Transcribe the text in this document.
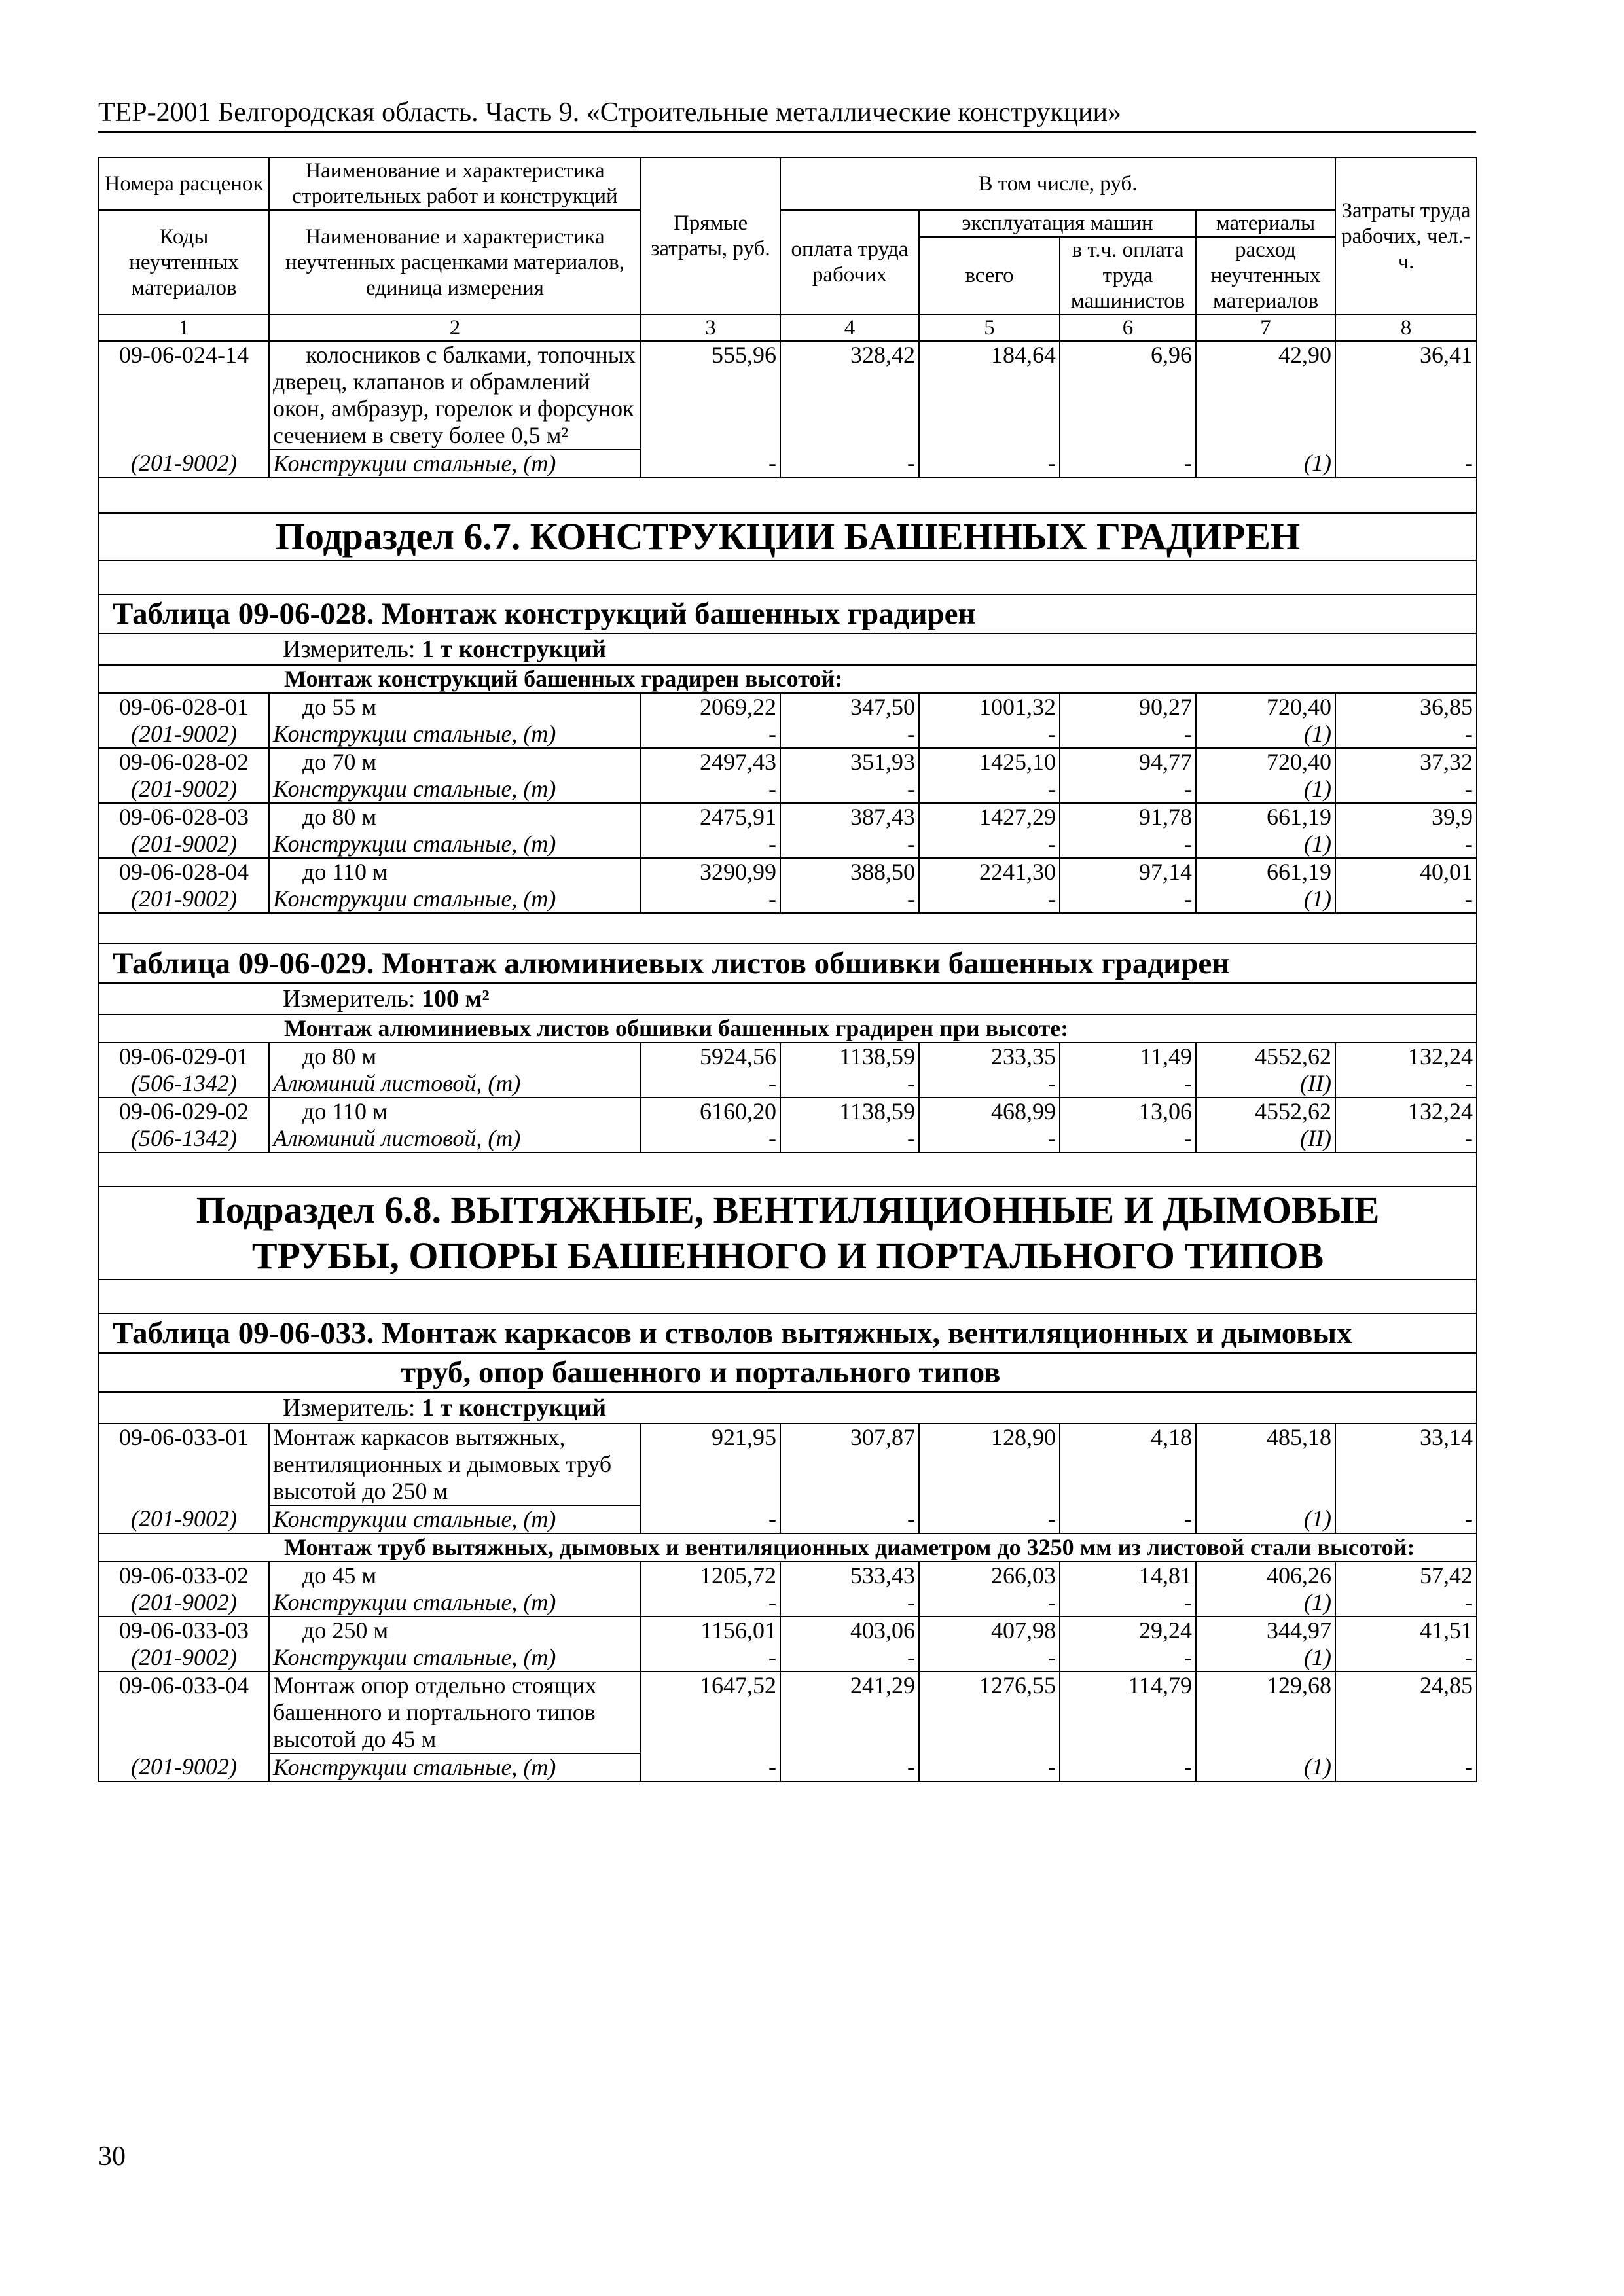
ТЕР-2001 Белгородская область. Часть 9. «Строительные металлические конструкции»
Номера расценок	Наименование и характеристика строительных работ и конструкций	Прямые затраты, руб.	В том числе, руб.				Затраты труда рабочих, чел.-ч.
Коды неучтенных материалов	Наименование и характеристика неучтенных расценками материалов, единица измерения		оплата труда рабочих	эксплуатация машин		материалы	
				всего	в т.ч. оплата труда машинистов	расход неучтенных материалов	
1	2	3	4	5	6	7	8
09-06-024-14	колосников с балками, топочных дверец, клапанов и обрамлений окон, амбразур, горелок и форсунок сечением в свету более 0,5 м²	555,96	328,42	184,64	6,96	42,90	36,41
(201-9002)	Конструкции стальные, (т)	-	-	-	-	(1)	-

Подраздел 6.7. КОНСТРУКЦИИ БАШЕННЫХ ГРАДИРЕН							

Таблица 09-06-028. Монтаж конструкций башенных градирен							
Измеритель: 1 т конструкций							
Монтаж конструкций башенных градирен высотой:							
09-06-028-01	до 55 м	2069,22	347,50	1001,32	90,27	720,40	36,85
(201-9002)	Конструкции стальные, (т)	-	-	-	-	(1)	-
09-06-028-02	до 70 м	2497,43	351,93	1425,10	94,77	720,40	37,32
(201-9002)	Конструкции стальные, (т)	-	-	-	-	(1)	-
09-06-028-03	до 80 м	2475,91	387,43	1427,29	91,78	661,19	39,9
(201-9002)	Конструкции стальные, (т)	-	-	-	-	(1)	-
09-06-028-04	до 110 м	3290,99	388,50	2241,30	97,14	661,19	40,01
(201-9002)	Конструкции стальные, (т)	-	-	-	-	(1)	-

Таблица 09-06-029. Монтаж алюминиевых листов обшивки башенных градирен							
Измеритель: 100 м²							
Монтаж алюминиевых листов обшивки башенных градирен при высоте:							
09-06-029-01	до 80 м	5924,56	1138,59	233,35	11,49	4552,62	132,24
(506-1342)	Алюминий листовой, (т)	-	-	-	-	(II)	-
09-06-029-02	до 110 м	6160,20	1138,59	468,99	13,06	4552,62	132,24
(506-1342)	Алюминий листовой, (т)	-	-	-	-	(II)	-

Подраздел 6.8. ВЫТЯЖНЫЕ, ВЕНТИЛЯЦИОННЫЕ И ДЫМОВЫЕ
ТРУБЫ, ОПОРЫ БАШЕННОГО И ПОРТАЛЬНОГО ТИПОВ							

Таблица 09-06-033. Монтаж каркасов и стволов вытяжных, вентиляционных и дымовых							
труб, опор башенного и портального типов							
Измеритель: 1 т конструкций							
09-06-033-01	Монтаж каркасов вытяжных, вентиляционных и дымовых труб высотой до 250 м	921,95	307,87	128,90	4,18	485,18	33,14
(201-9002)	Конструкции стальные, (т)	-	-	-	-	(1)	-
Монтаж труб вытяжных, дымовых и вентиляционных диаметром до 3250 мм из листовой стали высотой:							
09-06-033-02	до 45 м	1205,72	533,43	266,03	14,81	406,26	57,42
(201-9002)	Конструкции стальные, (т)	-	-	-	-	(1)	-
09-06-033-03	до 250 м	1156,01	403,06	407,98	29,24	344,97	41,51
(201-9002)	Конструкции стальные, (т)	-	-	-	-	(1)	-
09-06-033-04	Монтаж опор отдельно стоящих башенного и портального типов высотой до 45 м	1647,52	241,29	1276,55	114,79	129,68	24,85
(201-9002)	Конструкции стальные, (т)	-	-	-	-	(1)	-
30
